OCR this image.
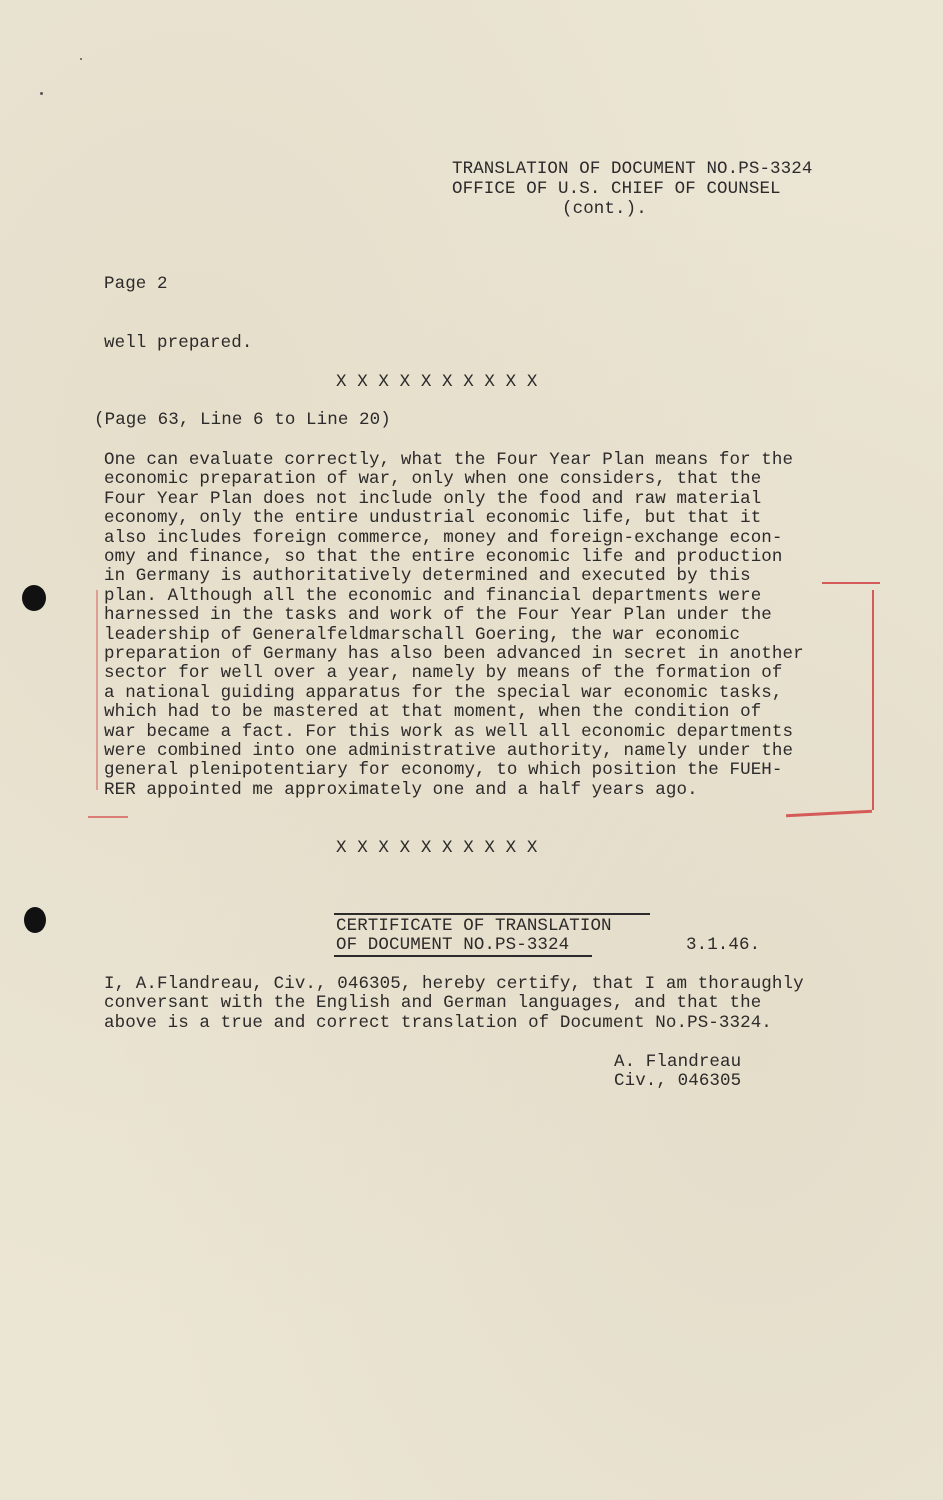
TRANSLATION OF DOCUMENT NO.PS-3324

OFFICE OF U.S. CHIEF OF COUNSEL

(cont.).

Page 2

well prepared.

X X X X X X X X X X

(Page 63, Line 6 to Line 20)

One can evaluate correctly, what the Four Year Plan means for the

economic preparation of war, only when one considers, that the

Four Year Plan does not include only the food and raw material

economy, only the entire undustrial economic life, but that it

also includes foreign commerce, money and foreign-exchange econ-

omy and finance, so that the entire economic life and production

in Germany is authoritatively determined and executed by this

plan. Although all the economic and financial departments were

harnessed in the tasks and work of the Four Year Plan under the

leadership of Generalfeldmarschall Goering, the war economic

preparation of Germany has also been advanced in secret in another

sector for well over a year, namely by means of the formation of

a national guiding apparatus for the special war economic tasks,

which had to be mastered at that moment, when the condition of

war became a fact. For this work as well all economic departments

were combined into one administrative authority, namely under the

general plenipotentiary for economy, to which position the FUEH-

RER appointed me approximately one and a half years ago.

X X X X X X X X X X

CERTIFICATE OF TRANSLATION

OF DOCUMENT NO.PS-3324	3.1.46.

I, A.Flandreau, Civ., 046305, hereby certify, that I am thoraughly

conversant with the English and German languages, and that the

above is a true and correct translation of Document No.PS-3324.

A. Flandreau

Civ., 046305
